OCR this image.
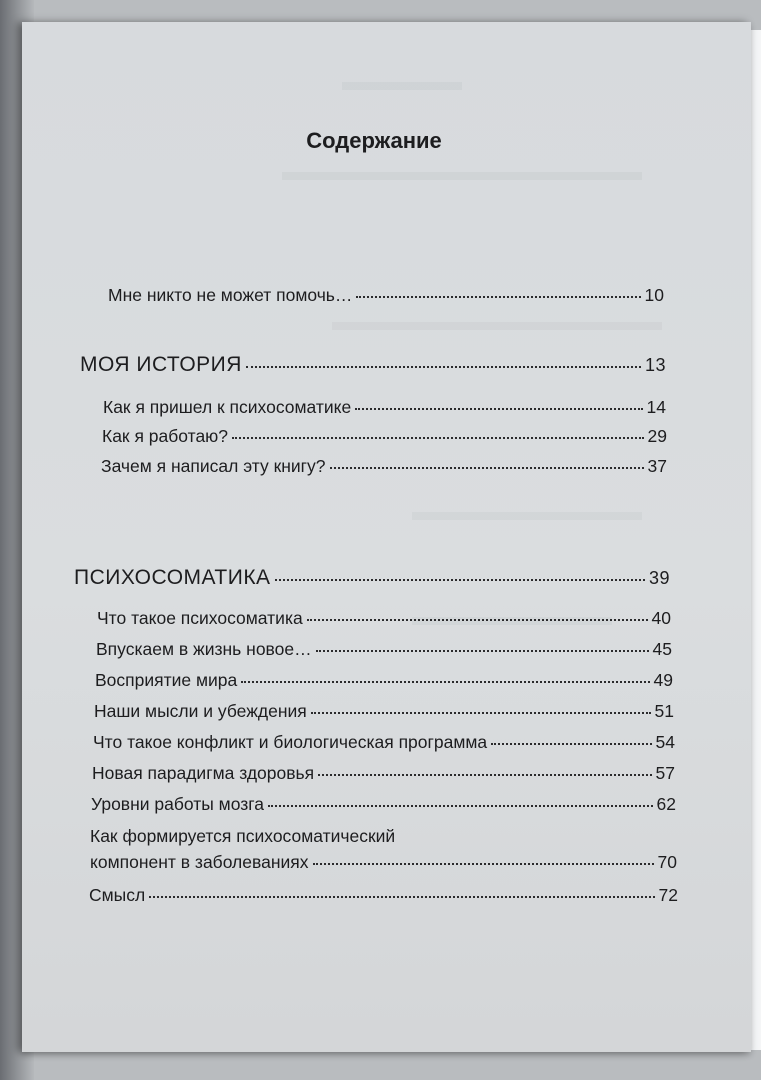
Содержание
Мне никто не может помочь…	10
МОЯ ИСТОРИЯ	13
Как я пришел к психосоматике	14
Как я работаю?	29
Зачем я написал эту книгу?	37
ПСИХОСОМАТИКА	39
Что такое психосоматика	40
Впускаем в жизнь новое…	45
Восприятие мира	49
Наши мысли и убеждения	51
Что такое конфликт и биологическая программа	54
Новая парадигма здоровья	57
Уровни работы мозга	62
Как формируется психосоматический
компонент в заболеваниях	70
Смысл	72
